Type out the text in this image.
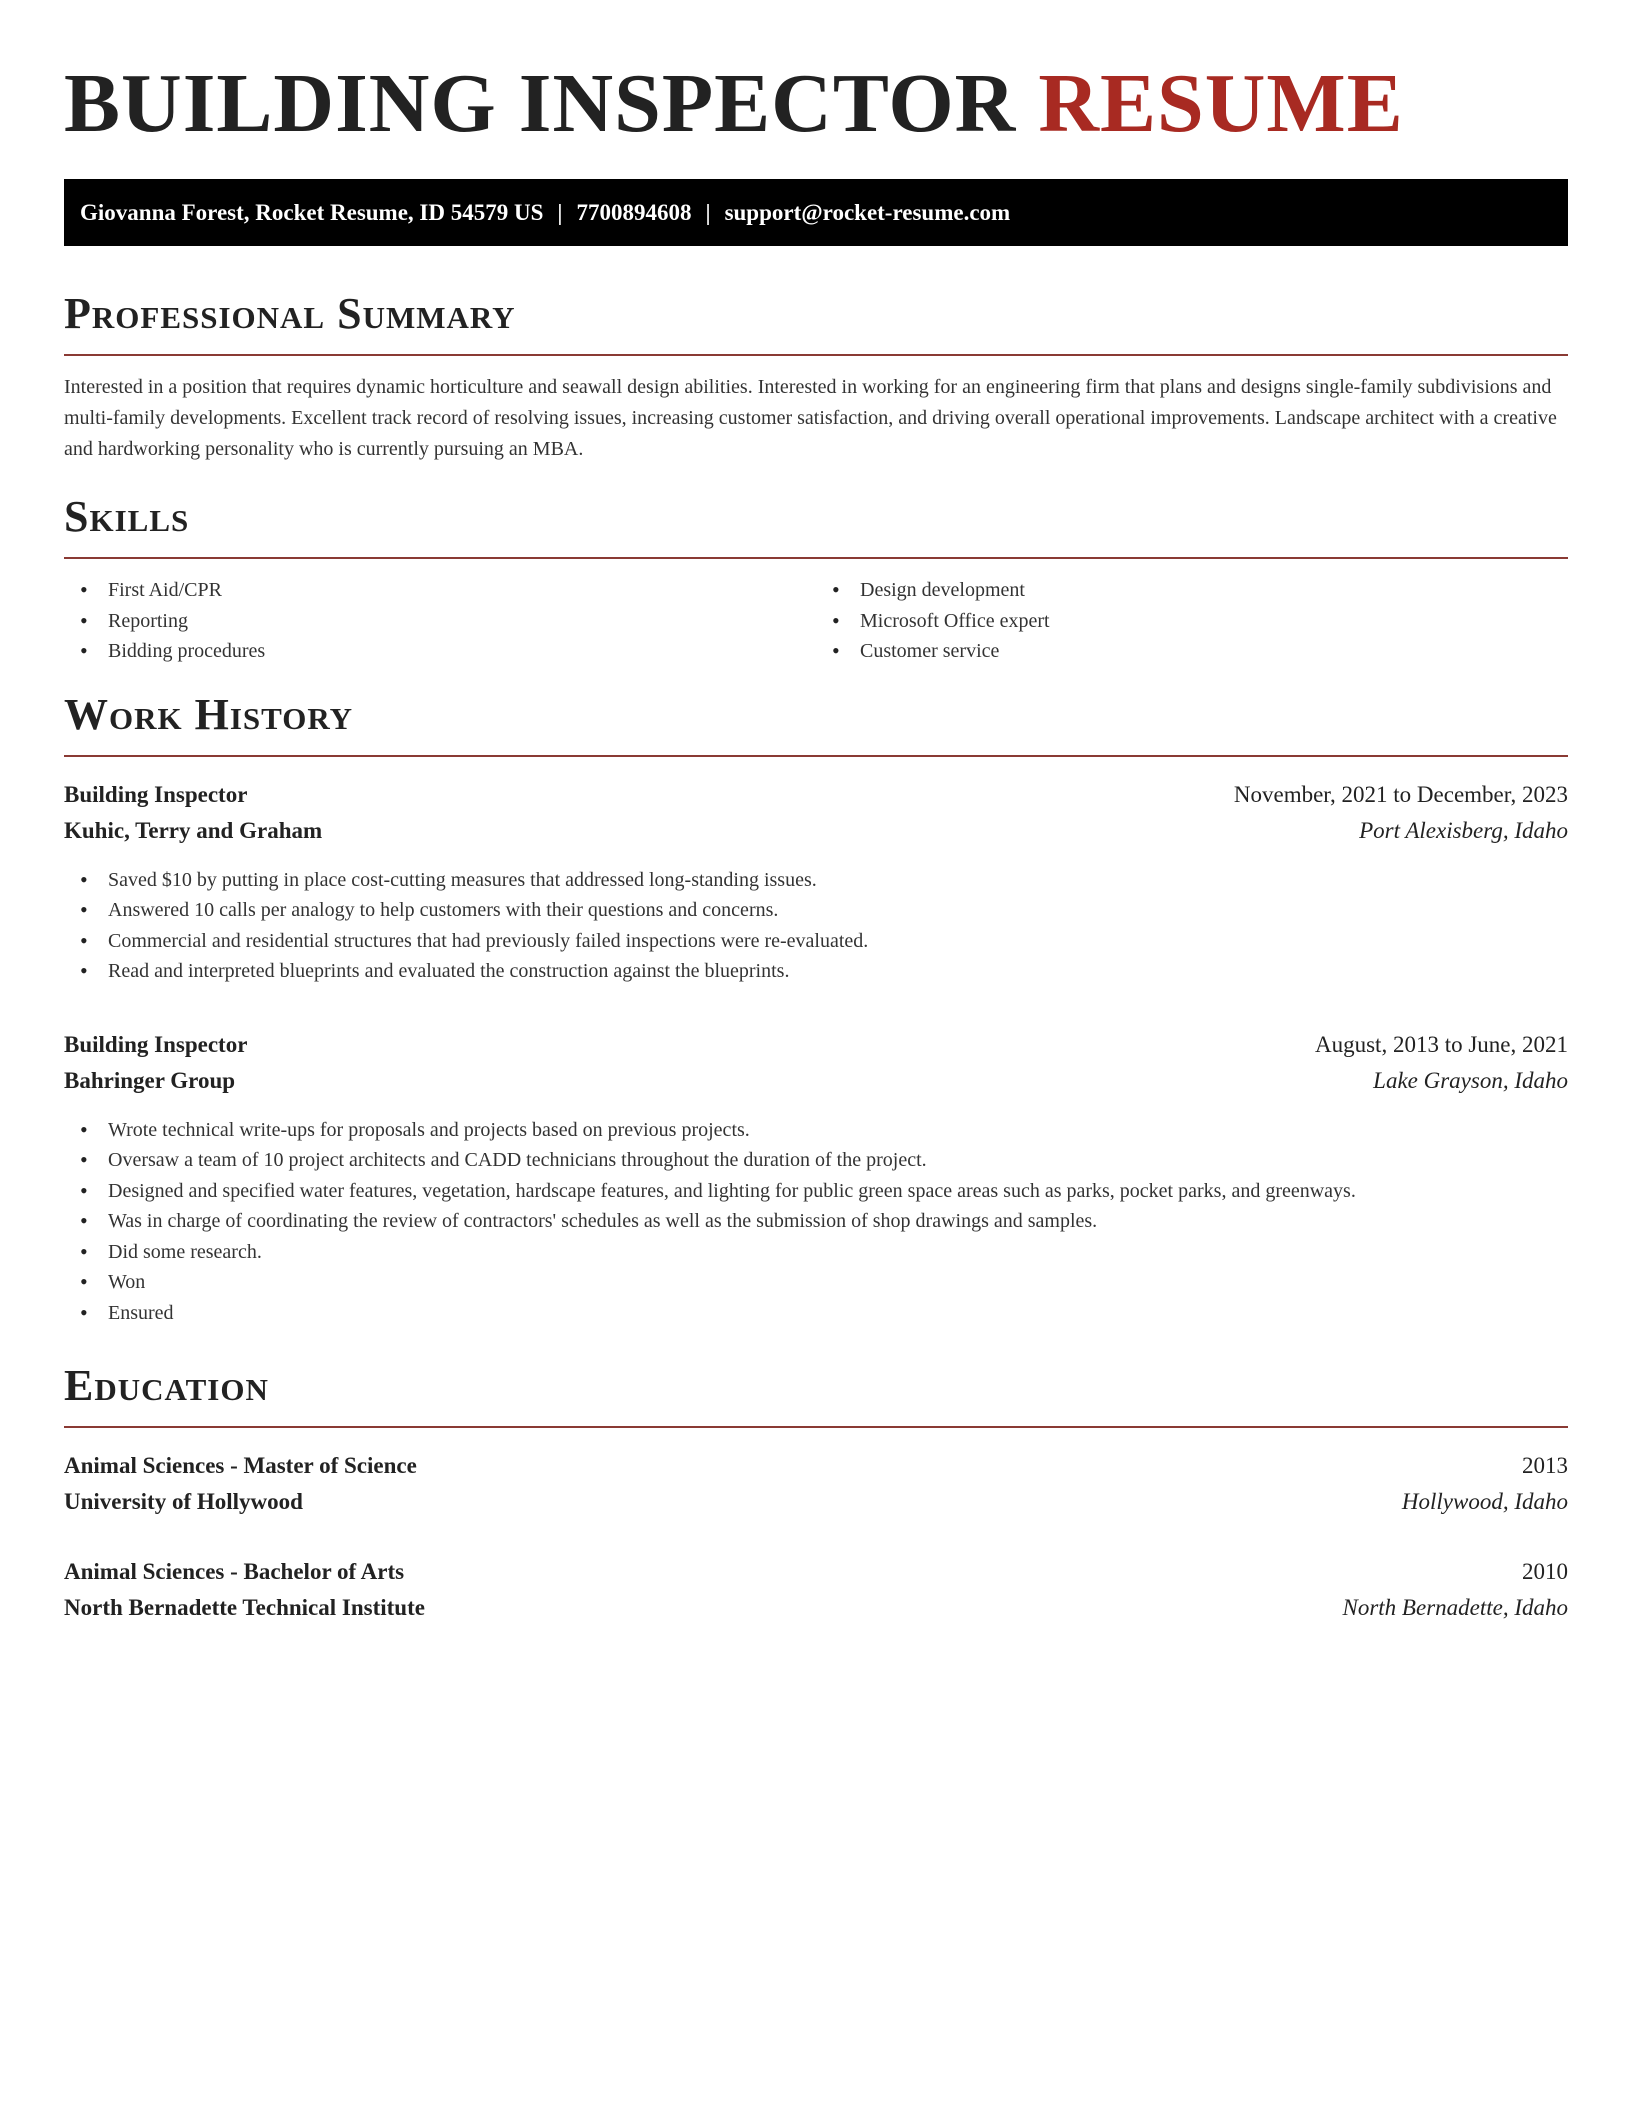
BUILDING INSPECTOR RESUME
Giovanna Forest, Rocket Resume, ID 54579 US | 7700894608 | support@rocket-resume.com
Professional Summary

Interested in a position that requires dynamic horticulture and seawall design abilities. Interested in working for an engineering firm that plans and designs single-family subdivisions and multi-family developments. Excellent track record of resolving issues, increasing customer satisfaction, and driving overall operational improvements. Landscape architect with a creative and hardworking personality who is currently pursuing an MBA.

Skills
• First Aid/CPR
• Reporting
• Bidding procedures
• Design development
• Microsoft Office expert
• Customer service
Work History
Building Inspector	November, 2021 to December, 2023
Kuhic, Terry and Graham	Port Alexisberg, Idaho
• Saved $10 by putting in place cost-cutting measures that addressed long-standing issues.
• Answered 10 calls per analogy to help customers with their questions and concerns.
• Commercial and residential structures that had previously failed inspections were re-evaluated.
• Read and interpreted blueprints and evaluated the construction against the blueprints.
Building Inspector	August, 2013 to June, 2021
Bahringer Group	Lake Grayson, Idaho
• Wrote technical write-ups for proposals and projects based on previous projects.
• Oversaw a team of 10 project architects and CADD technicians throughout the duration of the project.
• Designed and specified water features, vegetation, hardscape features, and lighting for public green space areas such as parks, pocket parks, and greenways.
• Was in charge of coordinating the review of contractors' schedules as well as the submission of shop drawings and samples.
• Did some research.
• Won
• Ensured
Education
Animal Sciences - Master of Science	2013
University of Hollywood	Hollywood, Idaho
Animal Sciences - Bachelor of Arts	2010
North Bernadette Technical Institute	North Bernadette, Idaho
